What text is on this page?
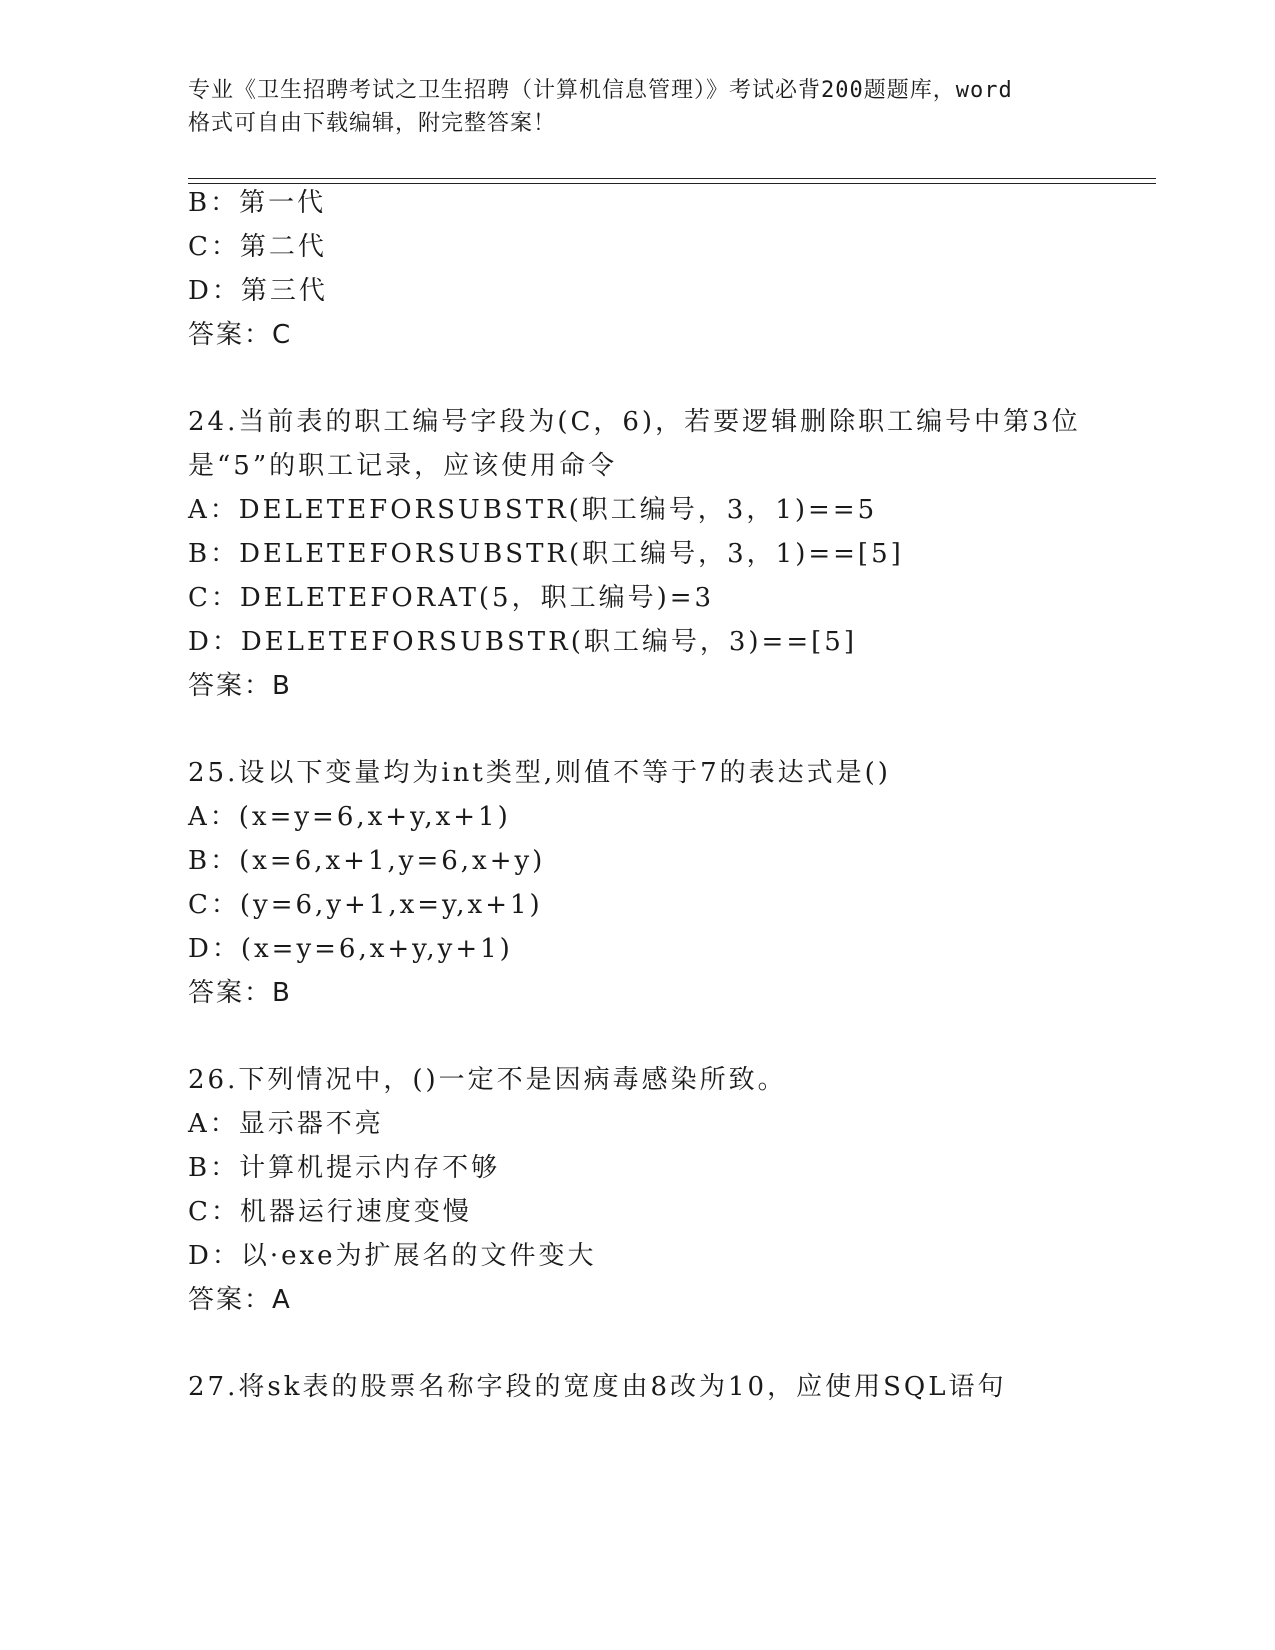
专业《卫生招聘考试之卫生招聘（计算机信息管理）》考试必背200题题库，word
格式可自由下载编辑，附完整答案！
B：第一代
C：第二代
D：第三代
答案：C
24.当前表的职工编号字段为(C，6)，若要逻辑删除职工编号中第3位
是“5”的职工记录，应该使用命令
A：DELETEFORSUBSTR(职工编号，3，1)==5
B：DELETEFORSUBSTR(职工编号，3，1)==[5]
C：DELETEFORAT(5，职工编号)=3
D：DELETEFORSUBSTR(职工编号，3)==[5]
答案：B
25.设以下变量均为int类型,则值不等于7的表达式是()
A：(x=y=6,x+y,x+1)
B：(x=6,x+1,y=6,x+y)
C：(y=6,y+1,x=y,x+1)
D：(x=y=6,x+y,y+1)
答案：B
26.下列情况中，()一定不是因病毒感染所致。
A：显示器不亮
B：计算机提示内存不够
C：机器运行速度变慢
D：以·exe为扩展名的文件变大
答案：A
27.将sk表的股票名称字段的宽度由8改为10，应使用SQL语句
